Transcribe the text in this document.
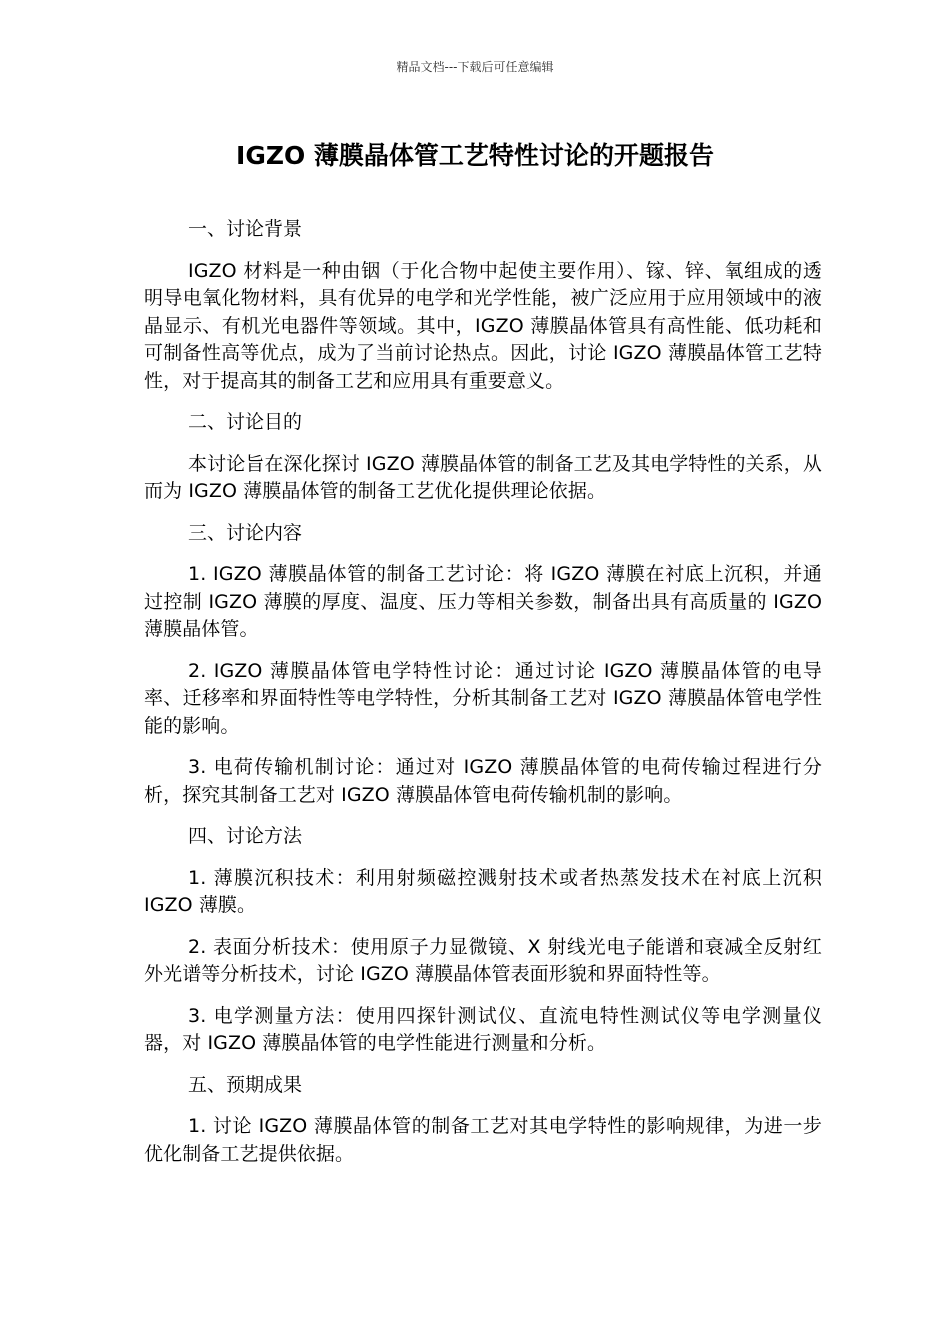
精品文档---下载后可任意编辑
IGZO 薄膜晶体管工艺特性讨论的开题报告

一、讨论背景

IGZO 材料是一种由铟（于化合物中起使主要作用）、镓、锌、氧组成的透明导电氧化物材料，具有优异的电学和光学性能，被广泛应用于应用领域中的液晶显示、有机光电器件等领域。其中，IGZO 薄膜晶体管具有高性能、低功耗和可制备性高等优点，成为了当前讨论热点。因此，讨论 IGZO 薄膜晶体管工艺特性，对于提高其的制备工艺和应用具有重要意义。

二、讨论目的

本讨论旨在深化探讨 IGZO 薄膜晶体管的制备工艺及其电学特性的关系，从而为 IGZO 薄膜晶体管的制备工艺优化提供理论依据。

三、讨论内容

1. IGZO 薄膜晶体管的制备工艺讨论：将 IGZO 薄膜在衬底上沉积，并通过控制 IGZO 薄膜的厚度、温度、压力等相关参数，制备出具有高质量的 IGZO 薄膜晶体管。

2. IGZO 薄膜晶体管电学特性讨论：通过讨论 IGZO 薄膜晶体管的电导率、迁移率和界面特性等电学特性，分析其制备工艺对 IGZO 薄膜晶体管电学性能的影响。

3. 电荷传输机制讨论：通过对 IGZO 薄膜晶体管的电荷传输过程进行分析，探究其制备工艺对 IGZO 薄膜晶体管电荷传输机制的影响。

四、讨论方法

1. 薄膜沉积技术：利用射频磁控溅射技术或者热蒸发技术在衬底上沉积 IGZO 薄膜。

2. 表面分析技术：使用原子力显微镜、X 射线光电子能谱和衰减全反射红外光谱等分析技术，讨论 IGZO 薄膜晶体管表面形貌和界面特性等。

3. 电学测量方法：使用四探针测试仪、直流电特性测试仪等电学测量仪器，对 IGZO 薄膜晶体管的电学性能进行测量和分析。

五、预期成果

1. 讨论 IGZO 薄膜晶体管的制备工艺对其电学特性的影响规律，为进一步优化制备工艺提供依据。
